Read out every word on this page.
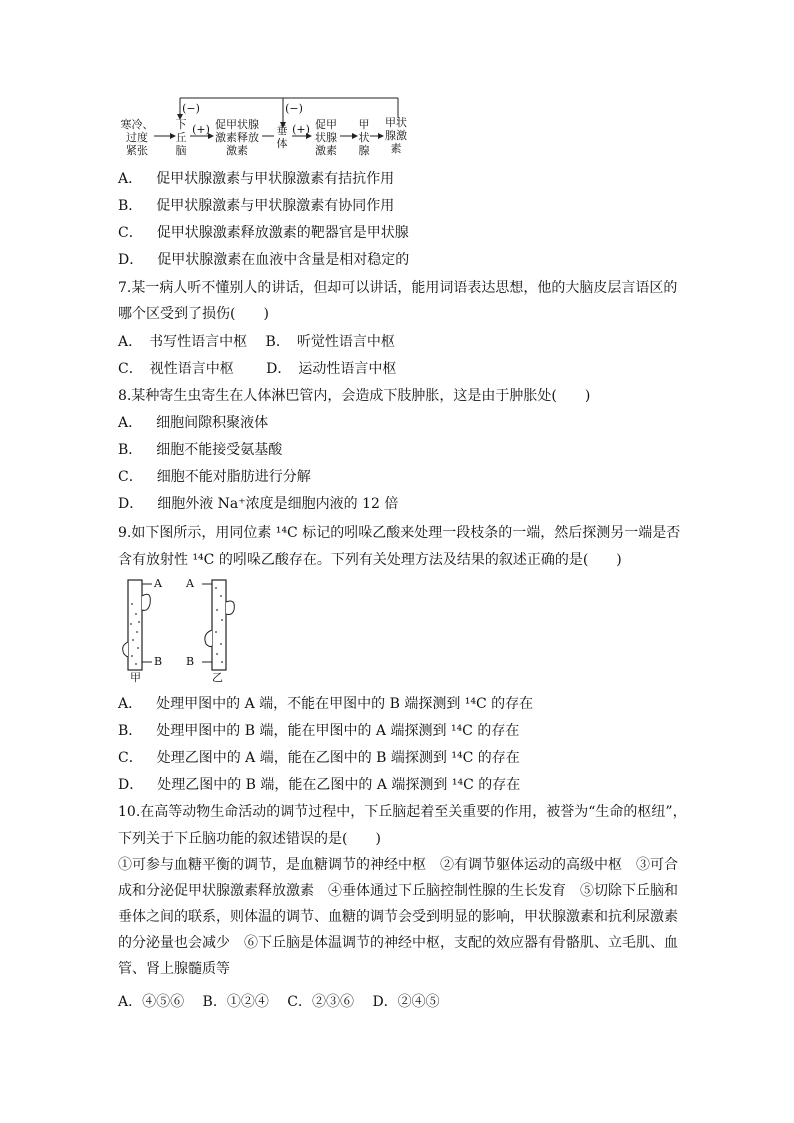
寒冷、
过度
紧张
下
丘
脑
促甲状腺
激素释放
激素
垂
体
促甲
状腺
激素
甲
状
腺
甲状
腺激
素
(+)	(+)
(−)	(−)
A． 促甲状腺激素与甲状腺激素有拮抗作用
B． 促甲状腺激素与甲状腺激素有协同作用
C． 促甲状腺激素释放激素的靶器官是甲状腺
D． 促甲状腺激素在血液中含量是相对稳定的
7.某一病人听不懂别人的讲话，但却可以讲话，能用词语表达思想，他的大脑皮层言语区的
哪个区受到了损伤(　　)
A．　书写性语言中枢　 B．　听觉性语言中枢
C．　视性语言中枢　　 D．　运动性语言中枢
8.某种寄生虫寄生在人体淋巴管内，会造成下肢肿胀，这是由于肿胀处(　　)
A． 细胞间隙积聚液体
B． 细胞不能接受氨基酸
C． 细胞不能对脂肪进行分解
D． 细胞外液 Na⁺浓度是细胞内液的 12 倍
9.如下图所示，用同位素 ¹⁴C 标记的吲哚乙酸来处理一段枝条的一端，然后探测另一端是否
含有放射性 ¹⁴C 的吲哚乙酸存在。下列有关处理方法及结果的叙述正确的是(　　)
A
B
A
B
甲	乙
A． 处理甲图中的 A 端，不能在甲图中的 B 端探测到 ¹⁴C 的存在
B． 处理甲图中的 B 端，能在甲图中的 A 端探测到 ¹⁴C 的存在
C． 处理乙图中的 A 端，能在乙图中的 B 端探测到 ¹⁴C 的存在
D． 处理乙图中的 B 端，能在乙图中的 A 端探测到 ¹⁴C 的存在
10.在高等动物生命活动的调节过程中，下丘脑起着至关重要的作用，被誉为“生命的枢纽”，
下列关于下丘脑功能的叙述错误的是(　　)
①可参与血糖平衡的调节，是血糖调节的神经中枢　②有调节躯体运动的高级中枢　③可合成和分泌促甲状腺激素释放激素　④垂体通过下丘脑控制性腺的生长发育　⑤切除下丘脑和垂体之间的联系，则体温的调节、血糖的调节会受到明显的影响，甲状腺激素和抗利尿激素的分泌量也会减少　⑥下丘脑是体温调节的神经中枢，支配的效应器有骨骼肌、立毛肌、血管、肾上腺髓质等
A．④⑤⑥　 B．①②④　 C．②③⑥　 D．②④⑤
